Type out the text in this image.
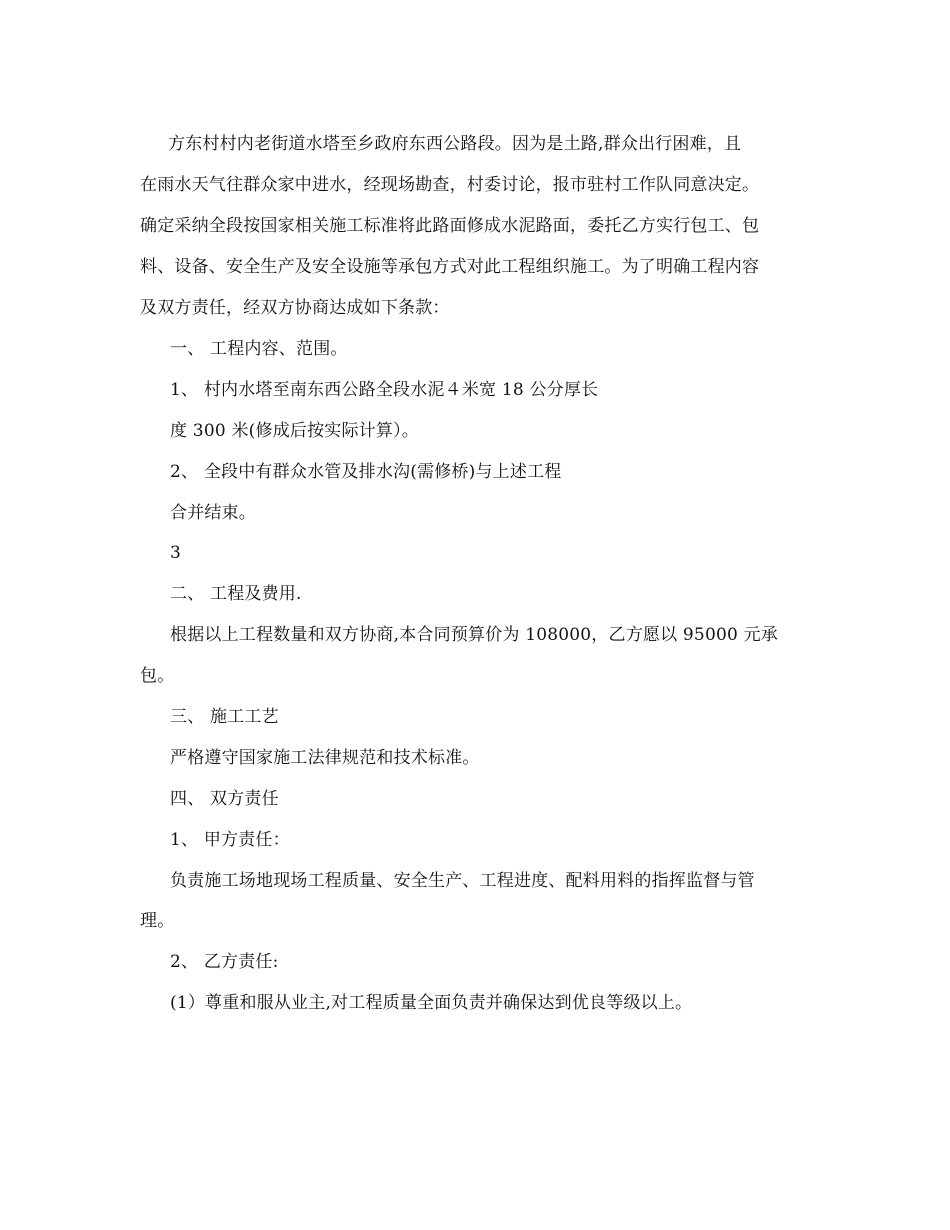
方东村村内老街道水塔至乡政府东西公路段。因为是土路,群众出行困难，且
在雨水天气往群众家中进水，经现场勘查，村委讨论，报市驻村工作队同意决定。
确定采纳全段按国家相关施工标准将此路面修成水泥路面，委托乙方实行包工、包
料、设备、安全生产及安全设施等承包方式对此工程组织施工。为了明确工程内容
及双方责任，经双方协商达成如下条款：
一、 工程内容、范围。
1、 村内水塔至南东西公路全段水泥４米宽 18 公分厚长
度 300 米(修成后按实际计算）。
2、 全段中有群众水管及排水沟(需修桥)与上述工程
合并结束。
3
二、 工程及费用.
根据以上工程数量和双方协商,本合同预算价为 108000，乙方愿以 95000 元承
包。
三、 施工工艺
严格遵守国家施工法律规范和技术标准。
四、 双方责任
1、 甲方责任：
负责施工场地现场工程质量、安全生产、工程进度、配料用料的指挥监督与管
理。
2、 乙方责任:
(1）尊重和服从业主,对工程质量全面负责并确保达到优良等级以上。
